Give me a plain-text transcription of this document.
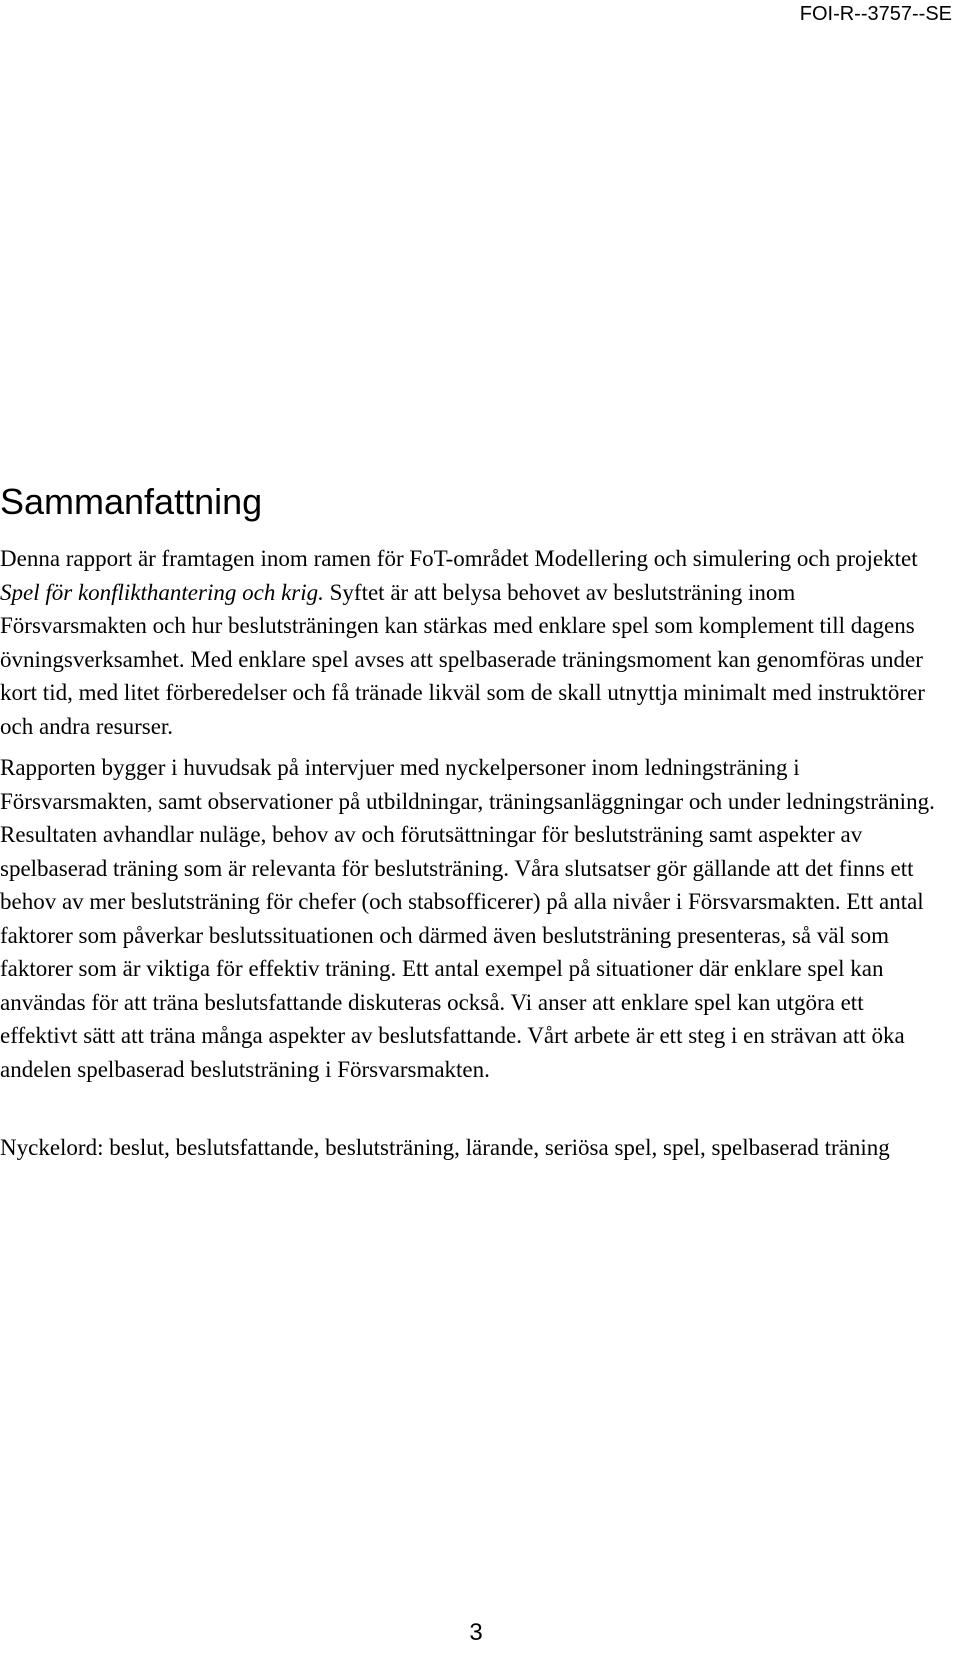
FOI-R--3757--SE
Sammanfattning

Denna rapport är framtagen inom ramen för FoT-området Modellering och simulering och projektet Spel för konflikthantering och krig. Syftet är att belysa behovet av beslutsträning inom Försvarsmakten och hur beslutsträningen kan stärkas med enklare spel som komplement till dagens övningsverksamhet. Med enklare spel avses att spelbaserade träningsmoment kan genomföras under kort tid, med litet förberedelser och få tränade likväl som de skall utnyttja minimalt med instruktörer och andra resurser.

Rapporten bygger i huvudsak på intervjuer med nyckelpersoner inom ledningsträning i Försvarsmakten, samt observationer på utbildningar, träningsanläggningar och under ledningsträning. Resultaten avhandlar nuläge, behov av och förutsättningar för beslutsträning samt aspekter av spelbaserad träning som är relevanta för beslutsträning. Våra slutsatser gör gällande att det finns ett behov av mer beslutsträning för chefer (och stabsofficerer) på alla nivåer i Försvarsmakten. Ett antal faktorer som påverkar beslutssituationen och därmed även beslutsträning presenteras, så väl som faktorer som är viktiga för effektiv träning. Ett antal exempel på situationer där enklare spel kan användas för att träna beslutsfattande diskuteras också. Vi anser att enklare spel kan utgöra ett effektivt sätt att träna många aspekter av beslutsfattande. Vårt arbete är ett steg i en strävan att öka andelen spelbaserad beslutsträning i Försvarsmakten.

Nyckelord: beslut, beslutsfattande, beslutsträning, lärande, seriösa spel, spel, spelbaserad träning

3
